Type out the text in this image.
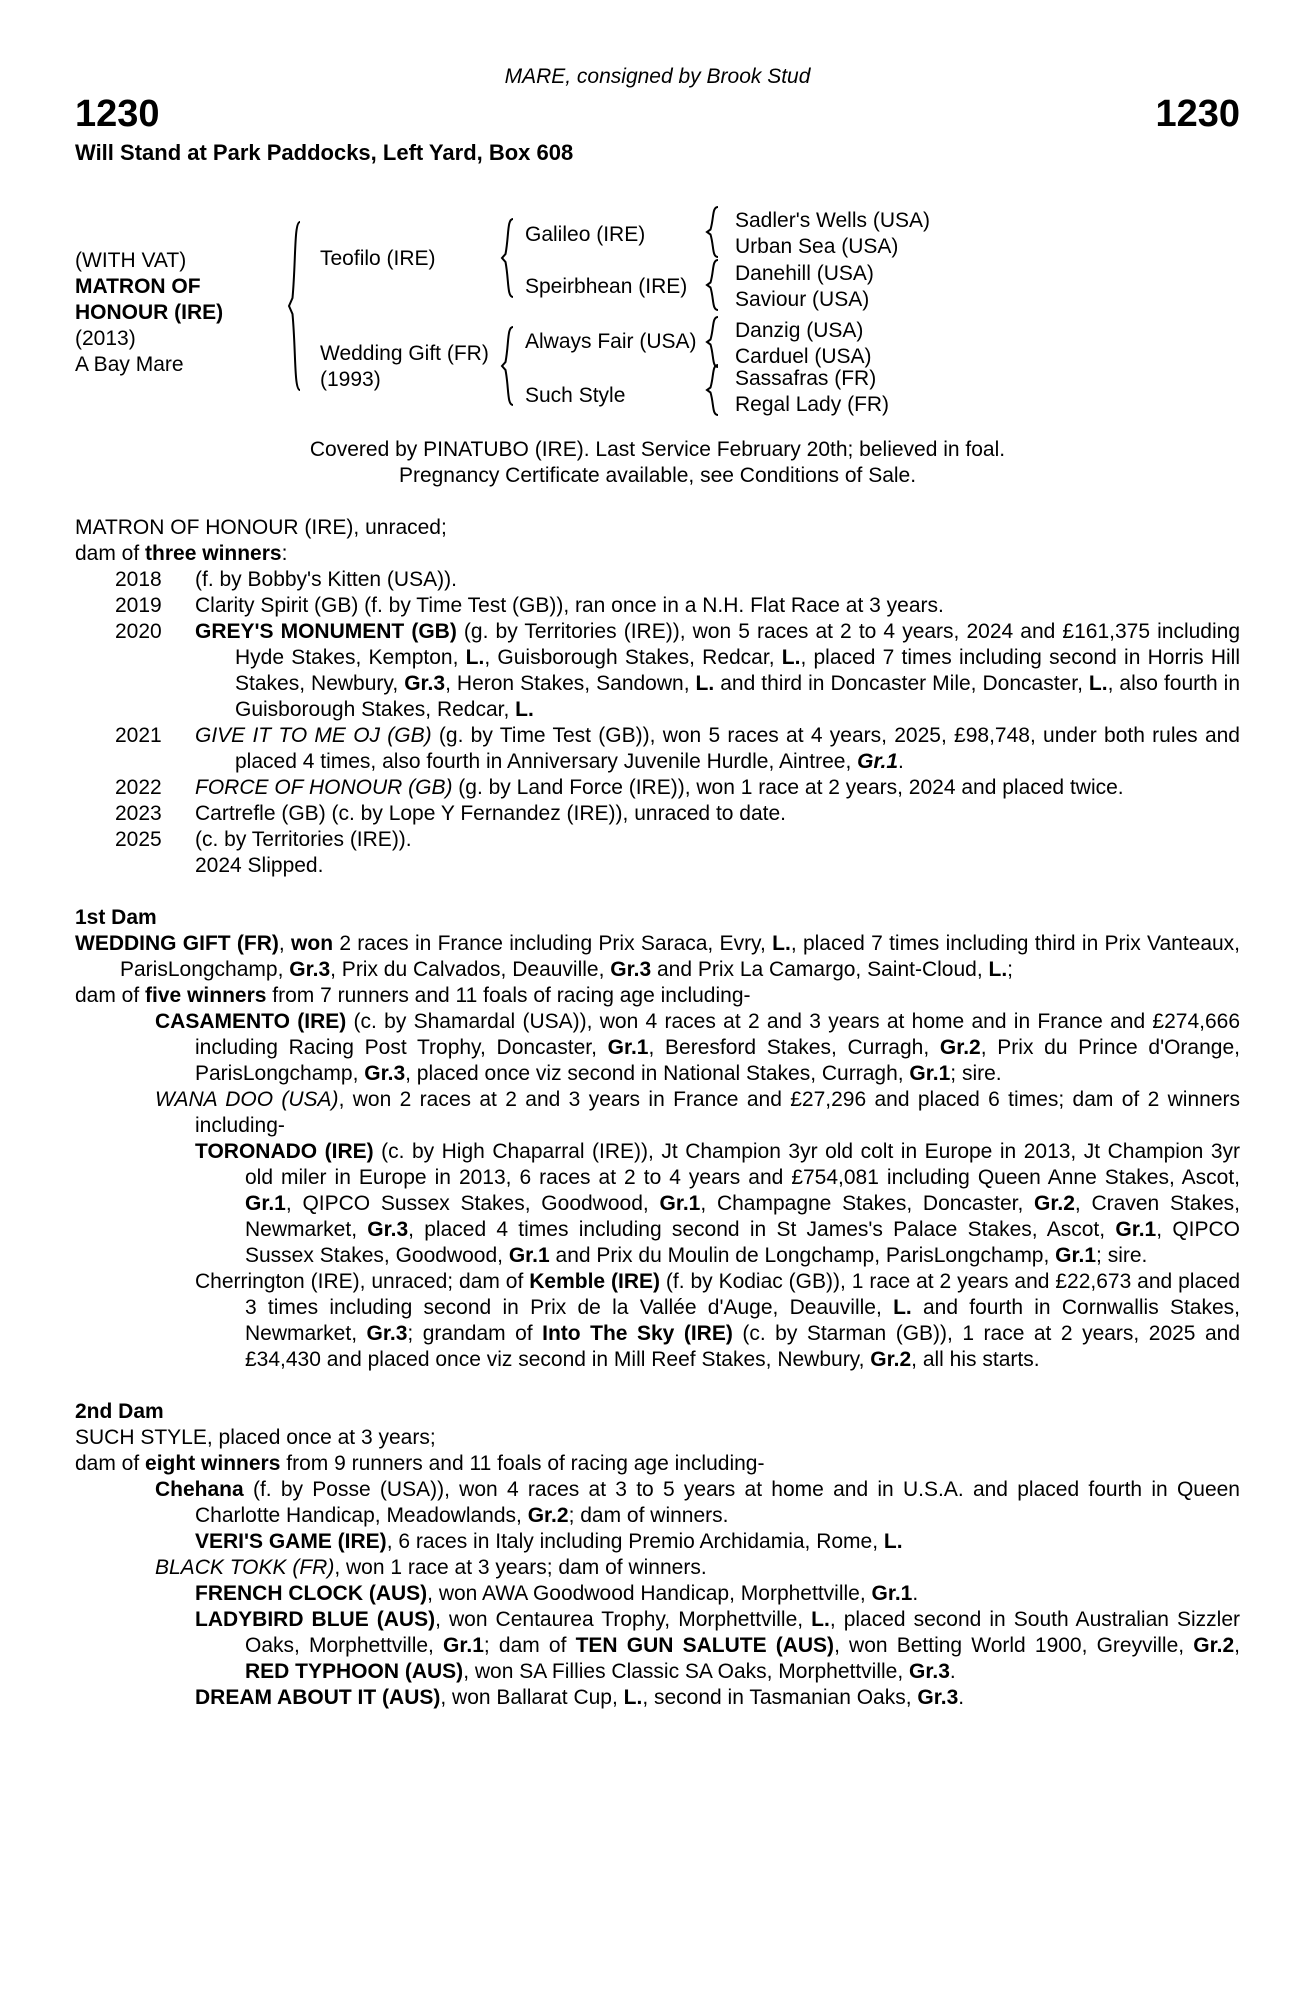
MARE, consigned by Brook Stud
1230	1230
Will Stand at Park Paddocks, Left Yard, Box 608
(WITH VAT)
MATRON OF
HONOUR (IRE)
(2013)
A Bay Mare
Teofilo (IRE)
Wedding Gift (FR)
(1993)
Galileo (IRE)
Speirbhean (IRE)
Always Fair (USA)
Such Style
Sadler's Wells (USA)
Urban Sea (USA)
Danehill (USA)
Saviour (USA)
Danzig (USA)
Carduel (USA)
Sassafras (FR)
Regal Lady (FR)
Covered by PINATUBO (IRE). Last Service February 20th; believed in foal.
Pregnancy Certificate available, see Conditions of Sale.
MATRON OF HONOUR (IRE), unraced;
dam of three winners:
2018 (f. by Bobby's Kitten (USA)).
2019 Clarity Spirit (GB) (f. by Time Test (GB)), ran once in a N.H. Flat Race at 3 years.
2020 GREY'S MONUMENT (GB) (g. by Territories (IRE)), won 5 races at 2 to 4 years, 2024 and £161,375 including Hyde Stakes, Kempton, L., Guisborough Stakes, Redcar, L., placed 7 times including second in Horris Hill Stakes, Newbury, Gr.3, Heron Stakes, Sandown, L. and third in Doncaster Mile, Doncaster, L., also fourth in Guisborough Stakes, Redcar, L.
2021 GIVE IT TO ME OJ (GB) (g. by Time Test (GB)), won 5 races at 4 years, 2025, £98,748, under both rules and placed 4 times, also fourth in Anniversary Juvenile Hurdle, Aintree, Gr.1.
2022 FORCE OF HONOUR (GB) (g. by Land Force (IRE)), won 1 race at 2 years, 2024 and placed twice.
2023 Cartrefle (GB) (c. by Lope Y Fernandez (IRE)), unraced to date.
2025 (c. by Territories (IRE)).
2024 Slipped.
1st Dam
WEDDING GIFT (FR), won 2 races in France including Prix Saraca, Evry, L., placed 7 times including third in Prix Vanteaux, ParisLongchamp, Gr.3, Prix du Calvados, Deauville, Gr.3 and Prix La Camargo, Saint-Cloud, L.;
dam of five winners from 7 runners and 11 foals of racing age including-
CASAMENTO (IRE) (c. by Shamardal (USA)), won 4 races at 2 and 3 years at home and in France and £274,666 including Racing Post Trophy, Doncaster, Gr.1, Beresford Stakes, Curragh, Gr.2, Prix du Prince d'Orange, ParisLongchamp, Gr.3, placed once viz second in National Stakes, Curragh, Gr.1; sire.
WANA DOO (USA), won 2 races at 2 and 3 years in France and £27,296 and placed 6 times; dam of 2 winners including-
TORONADO (IRE) (c. by High Chaparral (IRE)), Jt Champion 3yr old colt in Europe in 2013, Jt Champion 3yr old miler in Europe in 2013, 6 races at 2 to 4 years and £754,081 including Queen Anne Stakes, Ascot, Gr.1, QIPCO Sussex Stakes, Goodwood, Gr.1, Champagne Stakes, Doncaster, Gr.2, Craven Stakes, Newmarket, Gr.3, placed 4 times including second in St James's Palace Stakes, Ascot, Gr.1, QIPCO Sussex Stakes, Goodwood, Gr.1 and Prix du Moulin de Longchamp, ParisLongchamp, Gr.1; sire.
Cherrington (IRE), unraced; dam of Kemble (IRE) (f. by Kodiac (GB)), 1 race at 2 years and £22,673 and placed 3 times including second in Prix de la Vallée d'Auge, Deauville, L. and fourth in Cornwallis Stakes, Newmarket, Gr.3; grandam of Into The Sky (IRE) (c. by Starman (GB)), 1 race at 2 years, 2025 and £34,430 and placed once viz second in Mill Reef Stakes, Newbury, Gr.2, all his starts.
2nd Dam
SUCH STYLE, placed once at 3 years;
dam of eight winners from 9 runners and 11 foals of racing age including-
Chehana (f. by Posse (USA)), won 4 races at 3 to 5 years at home and in U.S.A. and placed fourth in Queen Charlotte Handicap, Meadowlands, Gr.2; dam of winners.
VERI'S GAME (IRE), 6 races in Italy including Premio Archidamia, Rome, L.
BLACK TOKK (FR), won 1 race at 3 years; dam of winners.
FRENCH CLOCK (AUS), won AWA Goodwood Handicap, Morphettville, Gr.1.
LADYBIRD BLUE (AUS), won Centaurea Trophy, Morphettville, L., placed second in South Australian Sizzler Oaks, Morphettville, Gr.1; dam of TEN GUN SALUTE (AUS), won Betting World 1900, Greyville, Gr.2, RED TYPHOON (AUS), won SA Fillies Classic SA Oaks, Morphettville, Gr.3.
DREAM ABOUT IT (AUS), won Ballarat Cup, L., second in Tasmanian Oaks, Gr.3.
